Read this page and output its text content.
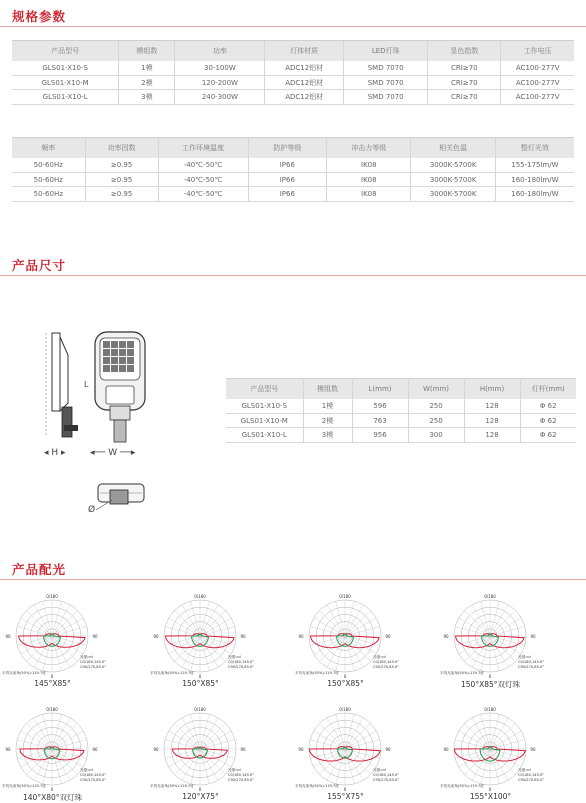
规格参数
产品型号	模组数	功率	灯体材质	LED灯珠	显色指数	工作电压
GLS01-X10-S	1模	30-100W	ADC12铝材	SMD 7070	CRI≥70	AC100-277V
GLS01-X10-M	2模	120-200W	ADC12铝材	SMD 7070	CRI≥70	AC100-277V
GLS01-X10-L	3模	240-300W	ADC12铝材	SMD 7070	CRI≥70	AC100-277V
频率	功率因数	工作环境温度	防护等级	冲击力等级	相关色温	整灯光效
50-60Hz	≥0.95	-40℃-50℃	IP66	IK08	3000K-5700K	155-175lm/W
50-60Hz	≥0.95	-40℃-50℃	IP66	IK08	3000K-5700K	160-180lm/W
50-60Hz	≥0.95	-40℃-50℃	IP66	IK08	3000K-5700K	160-180lm/W
产品尺寸
◂ H ▸	◂── W ──▸
L
Ø
产品型号	模组数	L(mm)	W(mm)	H(mm)	灯杆(mm)
GLS01-X10-S	1模	596	250	128	Φ 62
GLS01-X10-M	2模	763	250	128	Φ 62
GLS01-X10-L	3模	956	300	128	Φ 62
产品配光
0/180
90	90
0
光强:cd
C0/180,145.0°
C90/270,85.0°
平均光束角(50%):119.7度
145°X85°
0/180
90	90
0
光强:cd
C0/180,145.0°
C90/270,85.0°
平均光束角(50%):119.7度
150°X85°
0/180
90	90
0
光强:cd
C0/180,145.0°
C90/270,85.0°
平均光束角(50%):119.7度
150°X85°
0/180
90	90
0
光强:cd
C0/180,145.0°
C90/270,85.0°
平均光束角(50%):119.7度
150°X85°双灯珠
0/180
90	90
0
光强:cd
C0/180,145.0°
C90/270,85.0°
平均光束角(50%):119.7度
140°X80°双灯珠
0/180
90	90
0
光强:cd
C0/180,145.0°
C90/270,85.0°
平均光束角(50%):119.7度
120°X75°
0/180
90	90
0
光强:cd
C0/180,145.0°
C90/270,85.0°
平均光束角(50%):119.7度
155°X75°
0/180
90	90
0
光强:cd
C0/180,145.0°
C90/270,85.0°
平均光束角(50%):119.7度
155°X100°
